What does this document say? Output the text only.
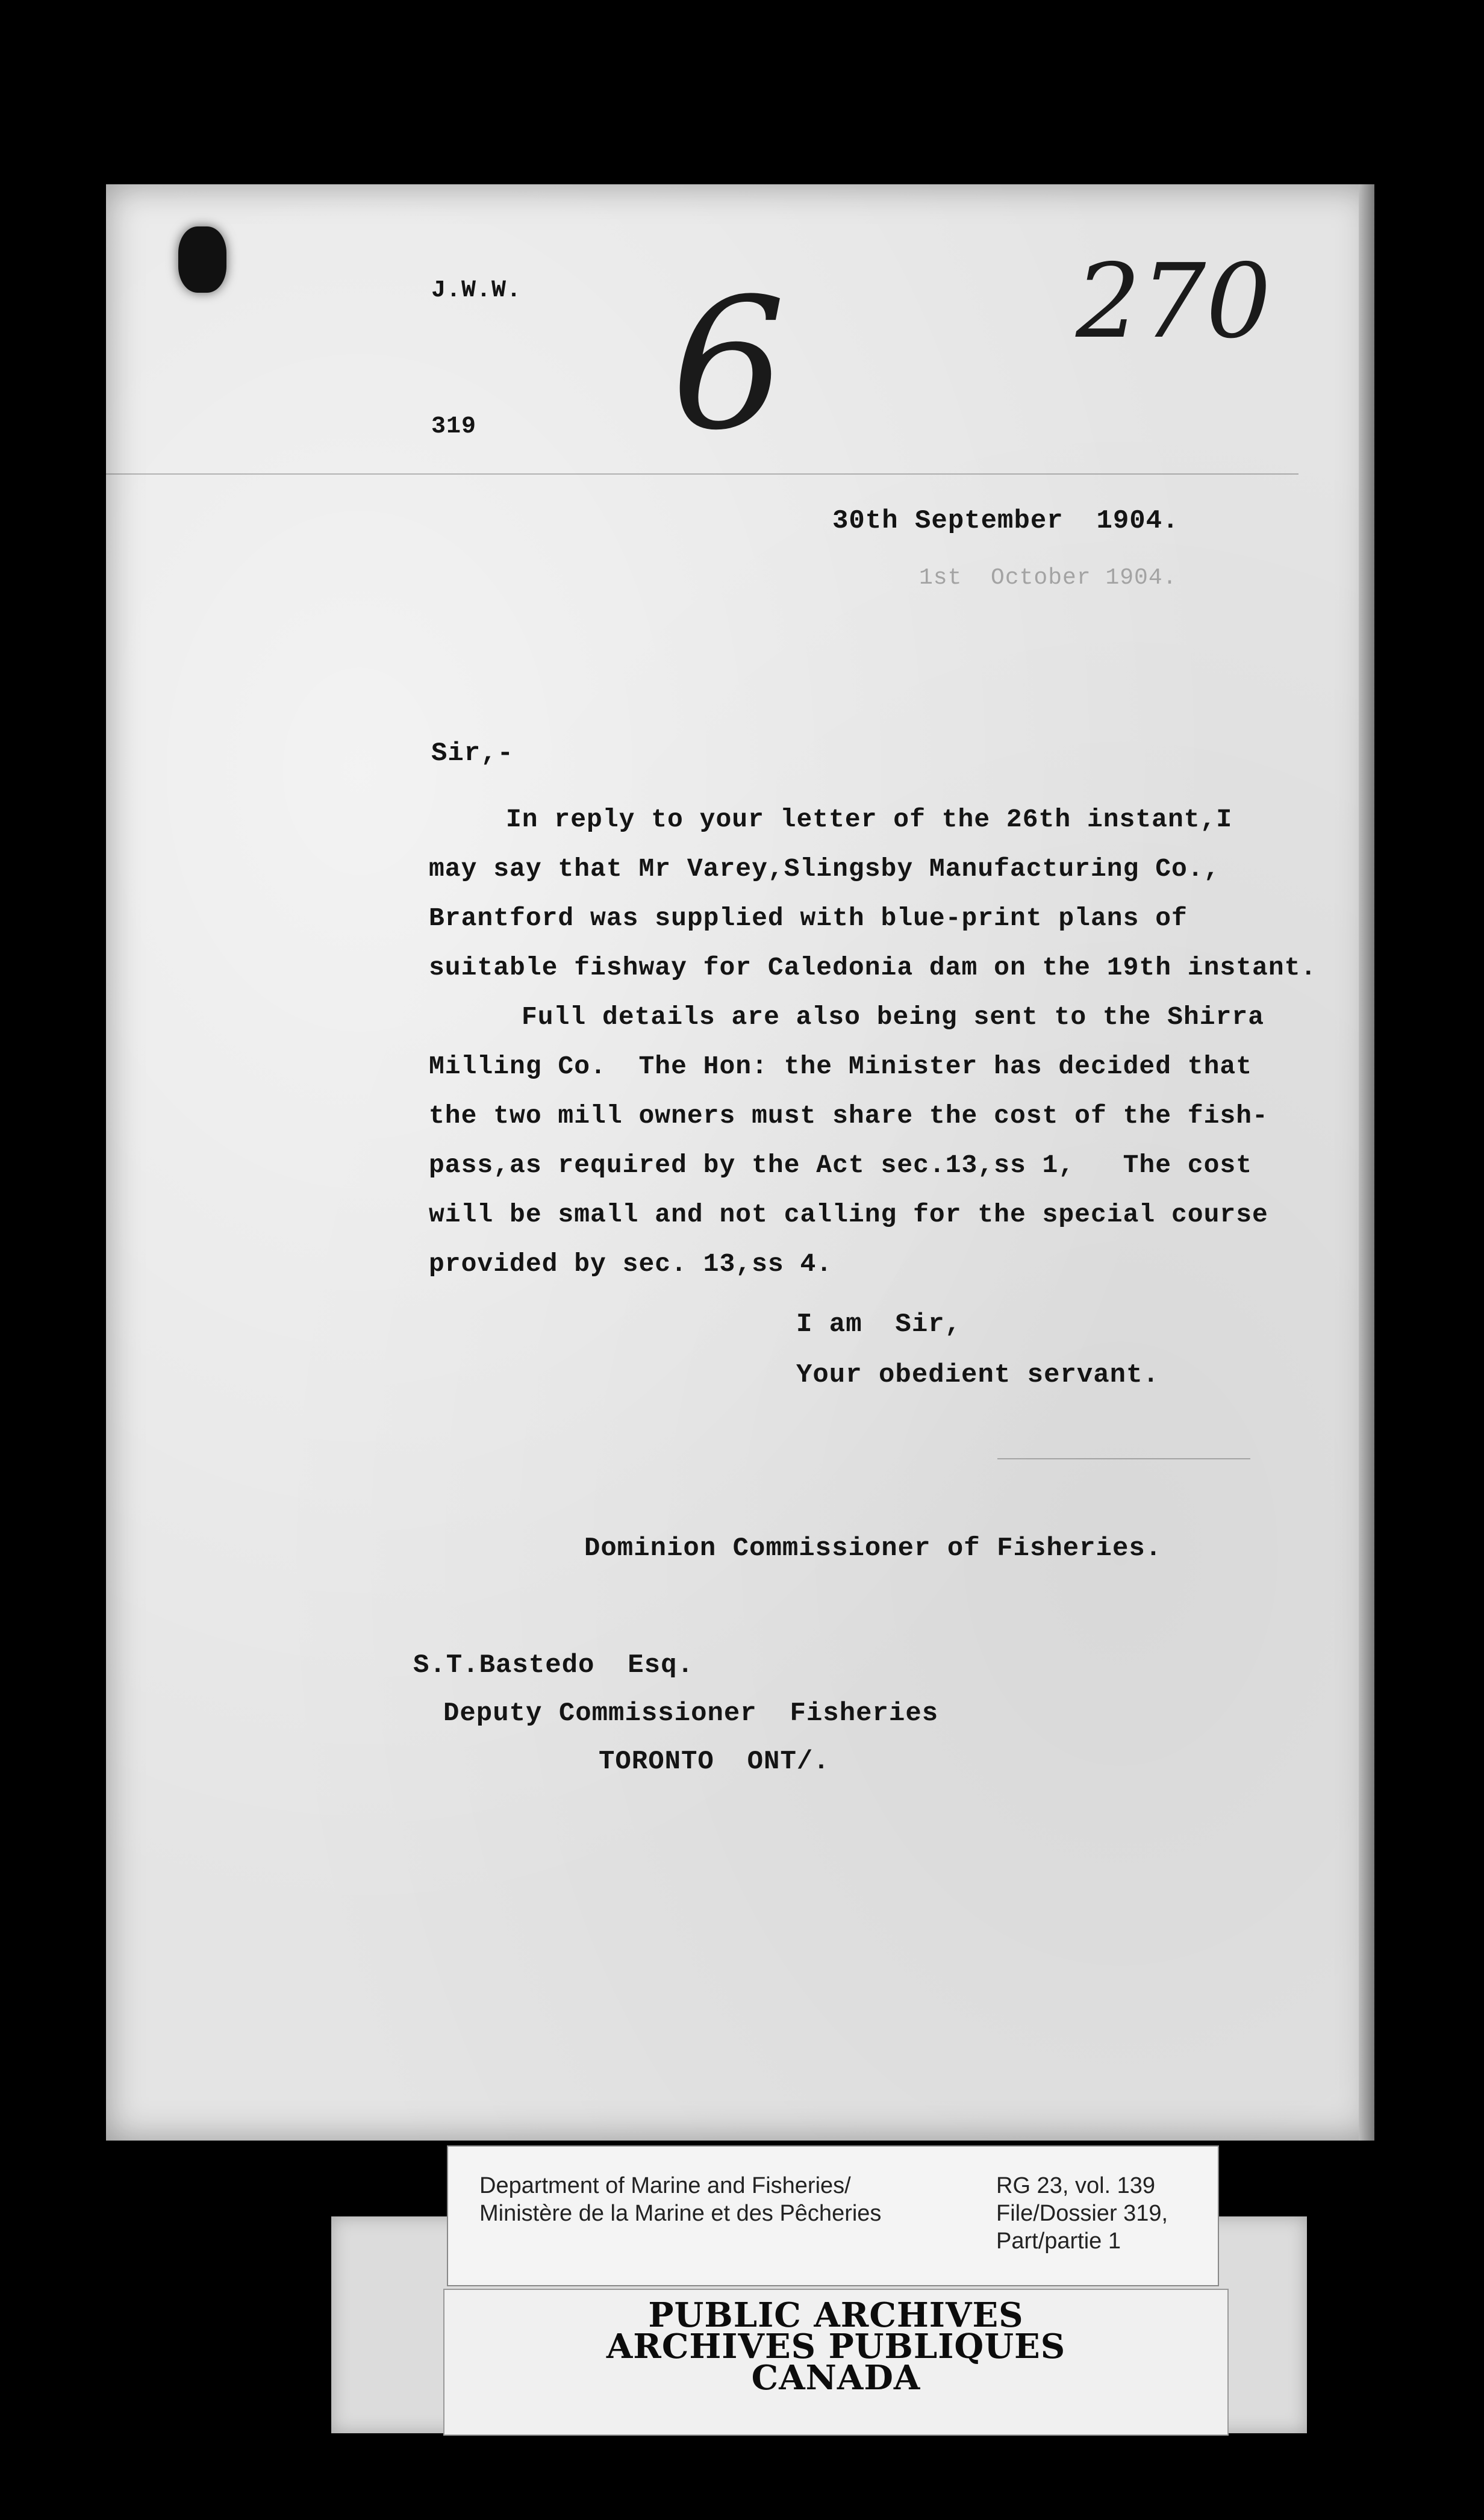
J.W.W.
319 6	270
30th September  1904.
1st  October 1904.
Sir,-
In reply to your letter of the 26th instant,I
may say that Mr Varey,Slingsby Manufacturing Co.,
Brantford was supplied with blue-print plans of
suitable fishway for Caledonia dam on the 19th instant.
Full details are also being sent to the Shirra
Milling Co.  The Hon: the Minister has decided that
the two mill owners must share the cost of the fish-
pass,as required by the Act sec.13,ss 1,   The cost
will be small and not calling for the special course
provided by sec. 13,ss 4.
I am  Sir,
Your obedient servant.
Dominion Commissioner of Fisheries.
S.T.Bastedo  Esq.
Deputy Commissioner  Fisheries
TORONTO  ONT/.
Department of Marine and Fisheries/
Ministère de la Marine et des Pêcheries
RG 23, vol. 139
File/Dossier 319,
Part/partie 1
PUBLIC ARCHIVES
ARCHIVES PUBLIQUES
CANADA
